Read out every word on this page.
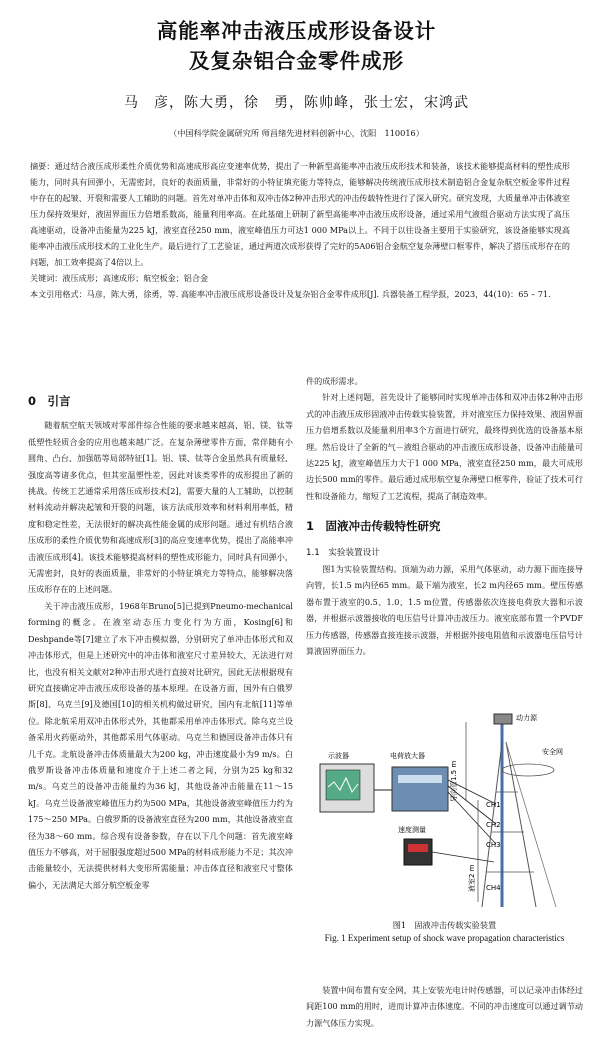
高能率冲击液压成形设备设计
及复杂铝合金零件成形
马　彦，陈大勇，徐　勇，陈帅峰，张士宏，宋鸿武
（中国科学院金属研究所 师昌绪先进材料创新中心，沈阳　110016）

摘要：通过结合液压成形柔性介质优势和高速成形高应变速率优势，提出了一种新型高能率冲击液压成形技术和装备，该技术能够提高材料的塑性成形能力，同时具有回弹小，无需密封，良好的表面质量，非常好的小特征填充能力等特点，能够解决传统液压成形技术制造铝合金复杂航空板金零件过程中存在的起皱、开裂和需要人工辅助的问题。首先对单冲击体和双冲击体2种冲击形式的冲击传载特性进行了深入研究。研究发现，大质量单冲击体液室压力保持效果好，液固界面压力倍增系数高，能量利用率高。在此基础上研制了新型高能率冲击液压成形设备，通过采用气液组合驱动方法实现了高压高速驱动，设备冲击能量为225 kJ，液室直径250 mm，液室峰值压力可达1 000 MPa以上。不同于以往设备主要用于实验研究，该设备能够实现高能率冲击液压成形技术的工业化生产。最后进行了工艺验证，通过两道次成形获得了完好的5A06铝合金航空复杂薄壁口框零件，解决了搭压成形存在的问题，加工效率提高了4倍以上。

关键词：液压成形；高速成形；航空板金；铝合金

本文引用格式：马彦，陈大勇，徐勇，等. 高能率冲击液压成形设备设计及复杂铝合金零件成形[J]. 兵器装备工程学报，2023，44(10)：65 – 71.

0　 引言

随着航空航天领域对零部件综合性能的要求越来越高，铝、镁、钛等低塑性轻质合金的应用也越来越广泛。在复杂薄壁零件方面，常伴随有小圆角、凸台、加强筋等局部特征[1]。铝、镁、钛等合金虽然具有质量轻、强度高等诸多优点，但其室温塑性差，因此对该类零件的成形提出了新的挑战。传统工艺通常采用落压成形技术[2]，需要大量的人工辅助，以控制材料流动并解决起皱和开裂的问题，该方法成形效率和材料利用率低，精度和稳定性差，无法很好的解决高性能金属的成形问题。通过有机结合液压成形的柔性介质优势和高速成形[3]的高应变速率优势，提出了高能率冲击液压成形[4]。该技术能够提高材料的塑性成形能力，同时具有回弹小，无需密封，良好的表面质量，非常好的小特征填充力等特点，能够解决落压成形存在的上述问题。

关于冲击液压成形，1968年Bruno[5]已提到Pneumo-mechanical forming的概念。在液室动态压力变化行为方面，Kosing[6]和Deshpande等[7]建立了水下冲击模拟器，分别研究了单冲击体形式和双冲击体形式，但是上述研究中的冲击体和液室尺寸差异较大，无法进行对比，也没有相关文献对2种冲击形式进行直接对比研究，因此无法根据现有研究直接确定冲击液压成形设备的基本原理。在设备方面，国外有白俄罗斯[8]、乌克兰[9]及德国[10]的相关机构做过研究，国内有北航[11]等单位。除北航采用双冲击体形式外，其他都采用单冲击体形式。除乌克兰设备采用火药驱动外，其他都采用气体驱动。乌克兰和德国设备冲击体只有几千克。北航设备冲击体质量最大为200 kg，冲击速度最小为9 m/s。白俄罗斯设备冲击体质量和速度介于上述二者之间，分别为25 kg和32 m/s。乌克兰的设备冲击能量约为36 kJ，其他设备冲击能量在11～15 kJ。乌克兰设备液室峰值压力约为500 MPa，其他设备液室峰值压力约为175～250 MPa。白俄罗斯的设备液室直径为200 mm，其他设备液室直径为38～60 mm。综合现有设备参数，存在以下几个问题：首先液室峰值压力不够高，对于屈服强度超过500 MPa的材料成形能力不足；其次冲击能量较小，无法提供材料大变形所需能量；冲击体直径和液室尺寸整体偏小，无法满足大部分航空板金零

件的成形需求。

针对上述问题，首先设计了能够同时实现单冲击体和双冲击体2种冲击形式的冲击液压成形固液冲击传载实验装置，并对液室压力保持效果、液固界面压力倍增系数以及能量利用率3个方面进行研究，最终得到优选的设备基本原理。然后设计了全新的气－液组合驱动的冲击液压成形设备，设备冲击能量可达225 kJ，液室峰值压力大于1 000 MPa，液室直径250 mm，最大可成形边长500 mm的零件。最后通过成形航空复杂薄壁口框零件，验证了技术可行性和设备能力，缩短了工艺流程，提高了制造效率。

1　 固液冲击传载特性研究
1.1　实验装置设计

图1为实验装置结构。顶端为动力源，采用气体驱动，动力源下面连接导向管，长1.5 m内径65 mm。最下端为液室，长2 m内径65 mm。壁压传感器布置于液室的0.5、1.0、1.5 m位置，传感器依次连接电荷放大器和示波器，并根据示波器接收的电压信号计算冲击波压力。液室底部布置一个PVDF压力传感器，传感器直接连接示波器，并根据外接电阻值和示波器电压信号计算液固界面压力。

示波器	电荷放大器
速度测量
导向管1.5 m
液室2 m
动力源
安全网
CH1
CH2
CH3
CH4

图1　固液冲击传载实验装置

Fig. 1 Experiment setup of shock wave propagation characteristics

装置中间布置有安全网，其上安装光电计时传感器，可以记录冲击体经过间距100 mm的用时，进而计算冲击体速度。不同的冲击速度可以通过调节动力源气体压力实现。
